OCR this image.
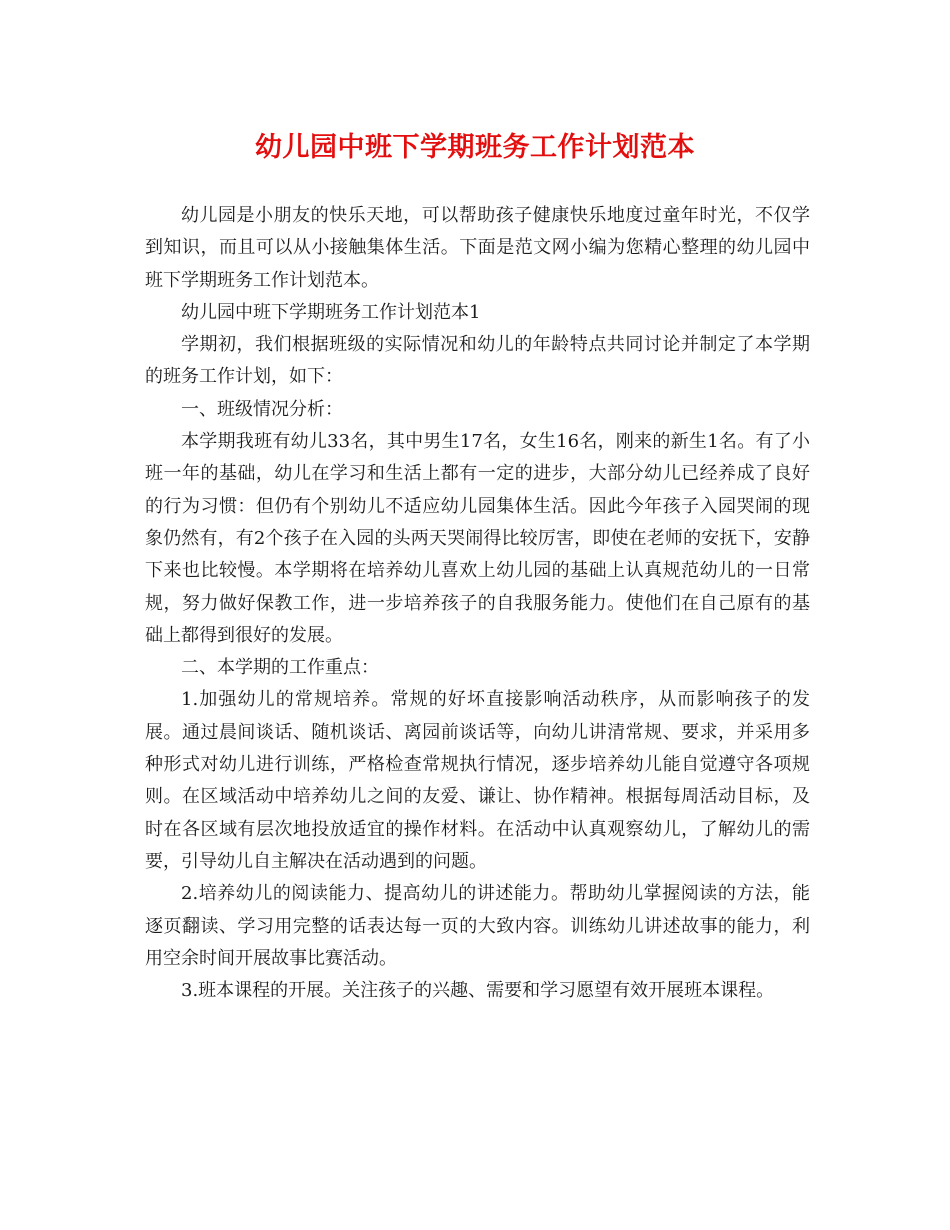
幼儿园中班下学期班务工作计划范本

幼儿园是小朋友的快乐天地，可以帮助孩子健康快乐地度过童年时光，不仅学到知识，而且可以从小接触集体生活。下面是范文网小编为您精心整理的幼儿园中班下学期班务工作计划范本。

幼儿园中班下学期班务工作计划范本1

学期初，我们根据班级的实际情况和幼儿的年龄特点共同讨论并制定了本学期的班务工作计划，如下：

一、班级情况分析：

本学期我班有幼儿33名，其中男生17名，女生16名，刚来的新生1名。有了小班一年的基础，幼儿在学习和生活上都有一定的进步，大部分幼儿已经养成了良好的行为习惯：但仍有个别幼儿不适应幼儿园集体生活。因此今年孩子入园哭闹的现象仍然有，有2个孩子在入园的头两天哭闹得比较厉害，即使在老师的安抚下，安静下来也比较慢。本学期将在培养幼儿喜欢上幼儿园的基础上认真规范幼儿的一日常规，努力做好保教工作，进一步培养孩子的自我服务能力。使他们在自己原有的基础上都得到很好的发展。

二、本学期的工作重点：

1.加强幼儿的常规培养。常规的好坏直接影响活动秩序，从而影响孩子的发展。通过晨间谈话、随机谈话、离园前谈话等，向幼儿讲清常规、要求，并采用多种形式对幼儿进行训练，严格检查常规执行情况，逐步培养幼儿能自觉遵守各项规则。在区域活动中培养幼儿之间的友爱、谦让、协作精神。根据每周活动目标，及时在各区域有层次地投放适宜的操作材料。在活动中认真观察幼儿，了解幼儿的需要，引导幼儿自主解决在活动遇到的问题。

2.培养幼儿的阅读能力、提高幼儿的讲述能力。帮助幼儿掌握阅读的方法，能逐页翻读、学习用完整的话表达每一页的大致内容。训练幼儿讲述故事的能力，利用空余时间开展故事比赛活动。

3.班本课程的开展。关注孩子的兴趣、需要和学习愿望有效开展班本课程。
